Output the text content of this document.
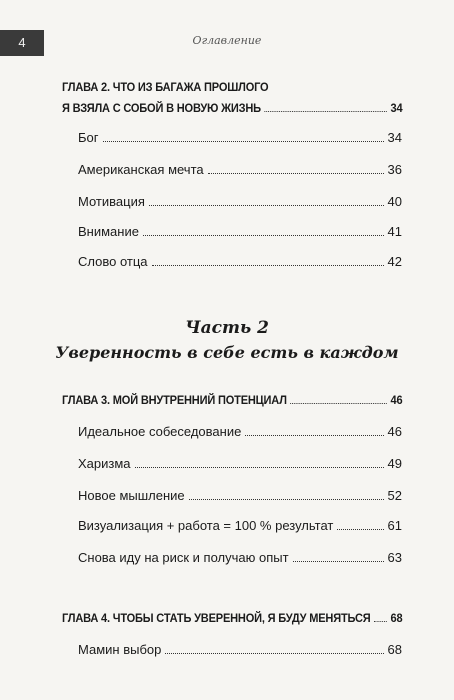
4	Оглавление
ГЛАВА 2. ЧТО ИЗ БАГАЖА ПРОШЛОГО
Я ВЗЯЛА С СОБОЙ В НОВУЮ ЖИЗНЬ	34
Бог	34
Американская мечта	36
Мотивация	40
Внимание	41
Слово отца	42
Часть 2
Уверенность в себе есть в каждом
ГЛАВА 3. МОЙ ВНУТРЕННИЙ ПОТЕНЦИАЛ	46
Идеальное собеседование	46
Харизма	49
Новое мышление	52
Визуализация + работа = 100 % результат	61
Снова иду на риск и получаю опыт	63
ГЛАВА 4. ЧТОБЫ СТАТЬ УВЕРЕННОЙ, Я БУДУ МЕНЯТЬСЯ 68
Мамин выбор	68
